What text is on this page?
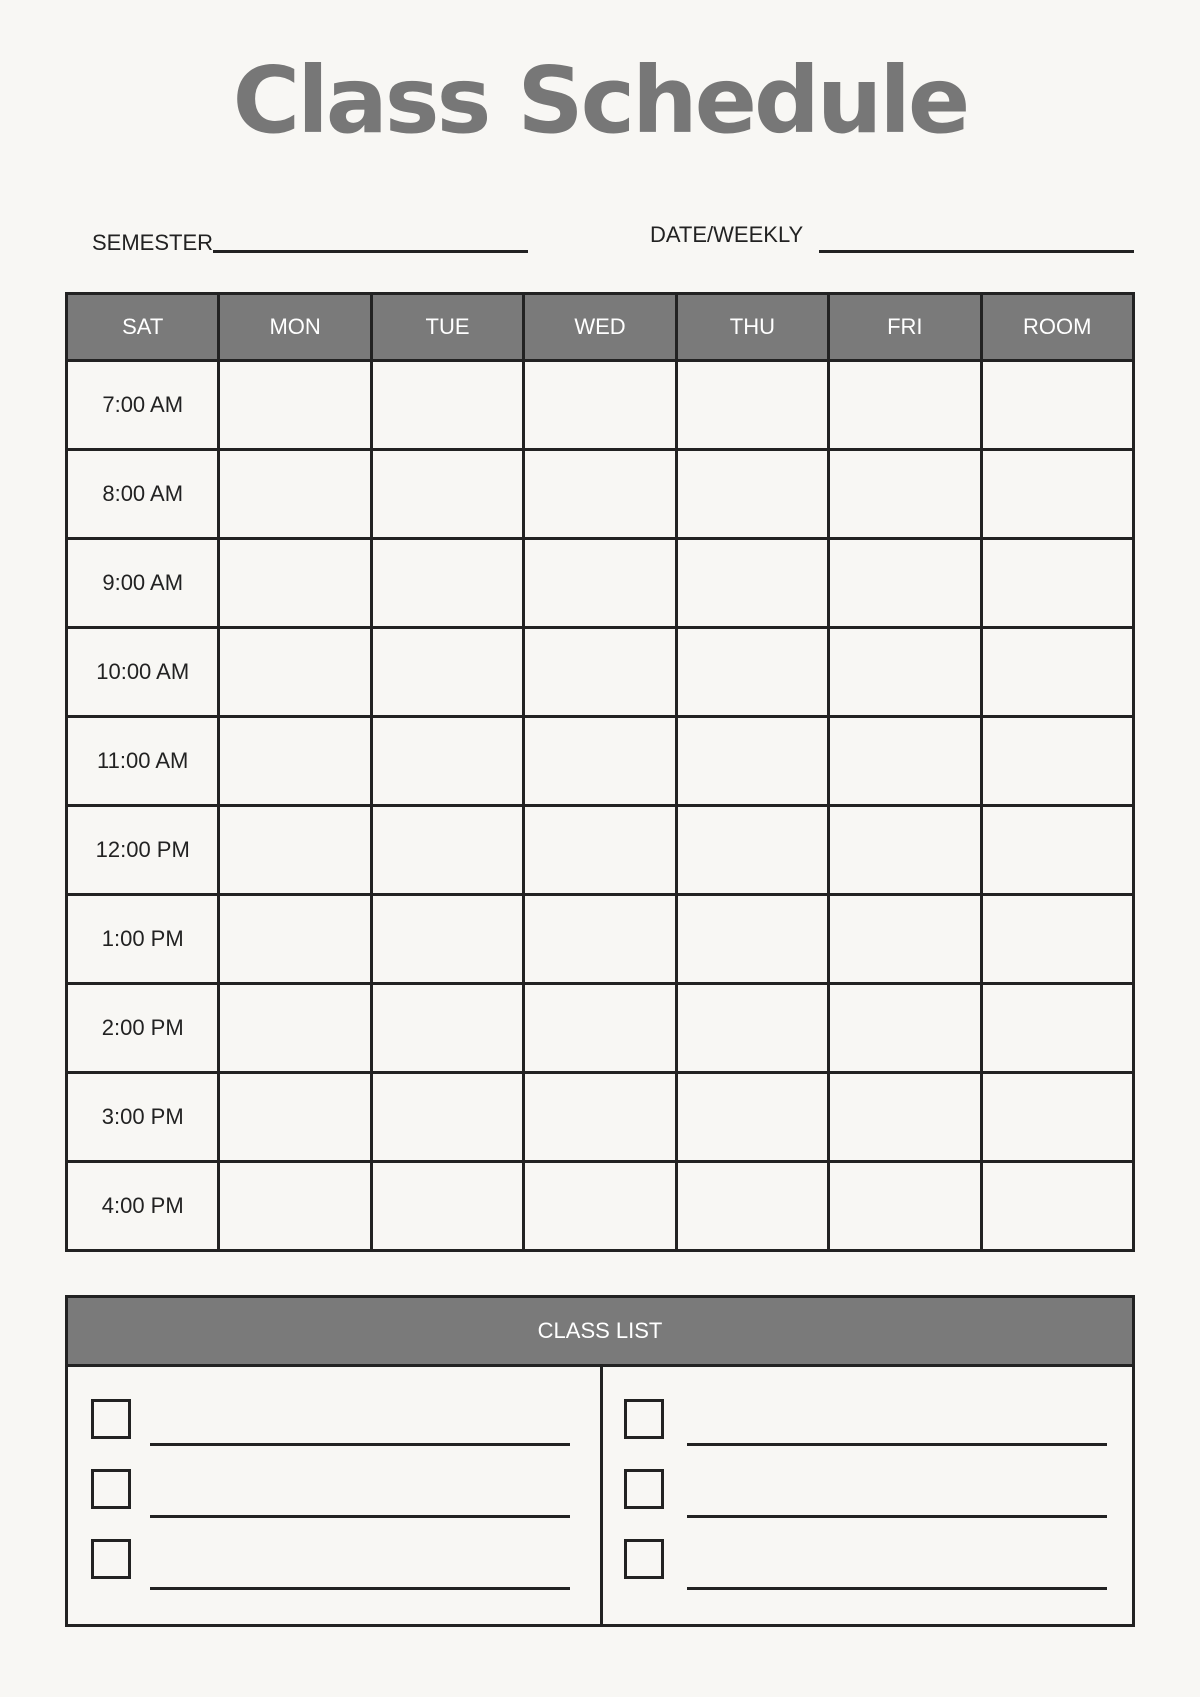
Class Schedule
SEMESTER	DATE/WEEKLY
SAT	MON	TUE	WED	THU	FRI	ROOM
7:00 AM						
8:00 AM						
9:00 AM						
10:00 AM						
11:00 AM						
12:00 PM						
1:00 PM						
2:00 PM						
3:00 PM						
4:00 PM						
CLASS LIST
